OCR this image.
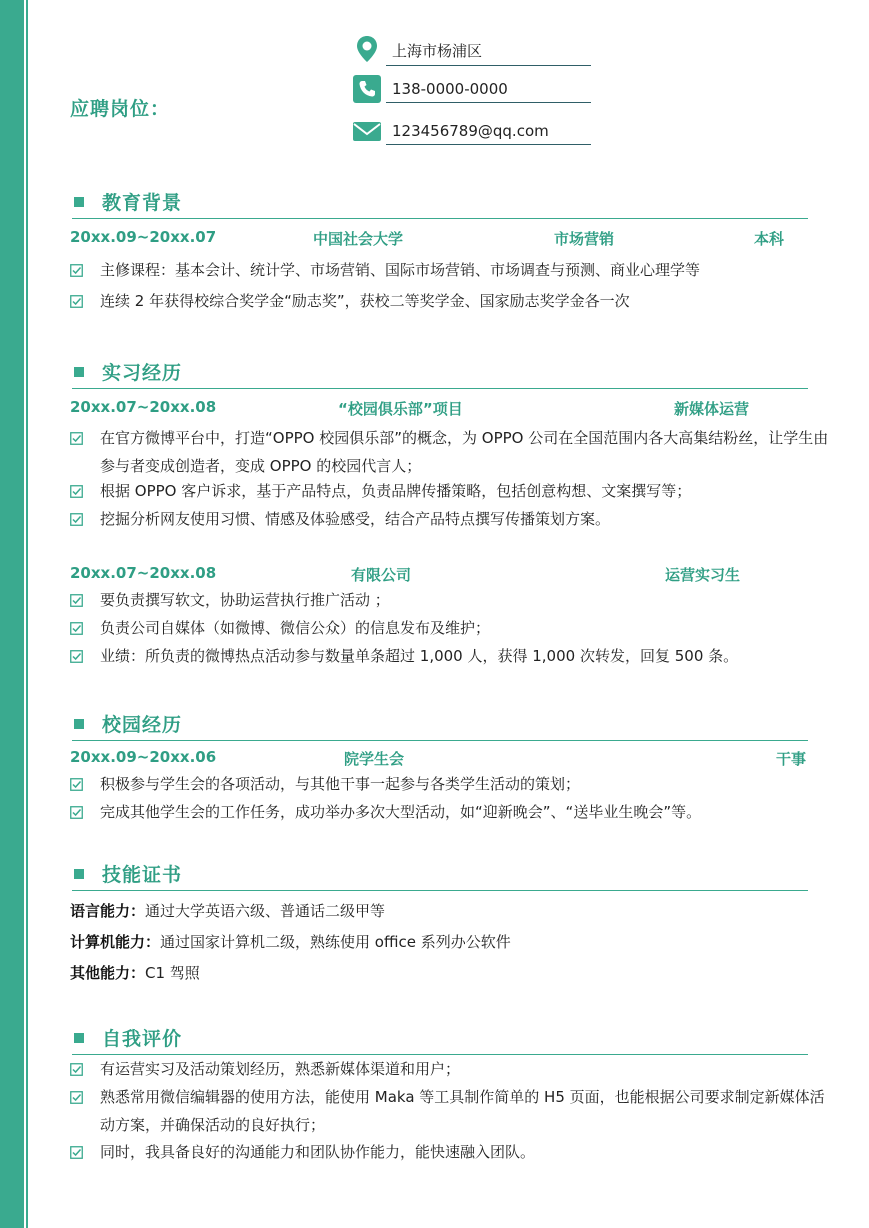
应聘岗位：
上海市杨浦区
138-0000-0000
123456789@qq.com
教育背景
20xx.09~20xx.07	中国社会大学	市场营销	本科
主修课程：基本会计、统计学、市场营销、国际市场营销、市场调查与预测、商业心理学等
连续 2 年获得校综合奖学金“励志奖”，获校二等奖学金、国家励志奖学金各一次
实习经历
20xx.07~20xx.08	“校园俱乐部”项目	新媒体运营
在官方微博平台中，打造“OPPO 校园俱乐部”的概念，为 OPPO 公司在全国范围内各大高集结粉丝，让学生由参与者变成创造者，变成 OPPO 的校园代言人；
根据 OPPO 客户诉求，基于产品特点，负责品牌传播策略，包括创意构想、文案撰写等；
挖掘分析网友使用习惯、情感及体验感受，结合产品特点撰写传播策划方案。
20xx.07~20xx.08	有限公司	运营实习生
要负责撰写软文，协助运营执行推广活动 ；
负责公司自媒体（如微博、微信公众）的信息发布及维护；
业绩：所负责的微博热点活动参与数量单条超过 1,000 人，获得 1,000 次转发，回复 500 条。
校园经历
20xx.09~20xx.06	院学生会	干事
积极参与学生会的各项活动，与其他干事一起参与各类学生活动的策划；
完成其他学生会的工作任务，成功举办多次大型活动，如“迎新晚会”、“送毕业生晚会”等。
技能证书
语言能力：通过大学英语六级、普通话二级甲等
计算机能力：通过国家计算机二级，熟练使用 office 系列办公软件
其他能力：C1 驾照
自我评价
有运营实习及活动策划经历，熟悉新媒体渠道和用户；
熟悉常用微信编辑器的使用方法，能使用 Maka 等工具制作简单的 H5 页面，也能根据公司要求制定新媒体活动方案，并确保活动的良好执行；
同时，我具备良好的沟通能力和团队协作能力，能快速融入团队。
